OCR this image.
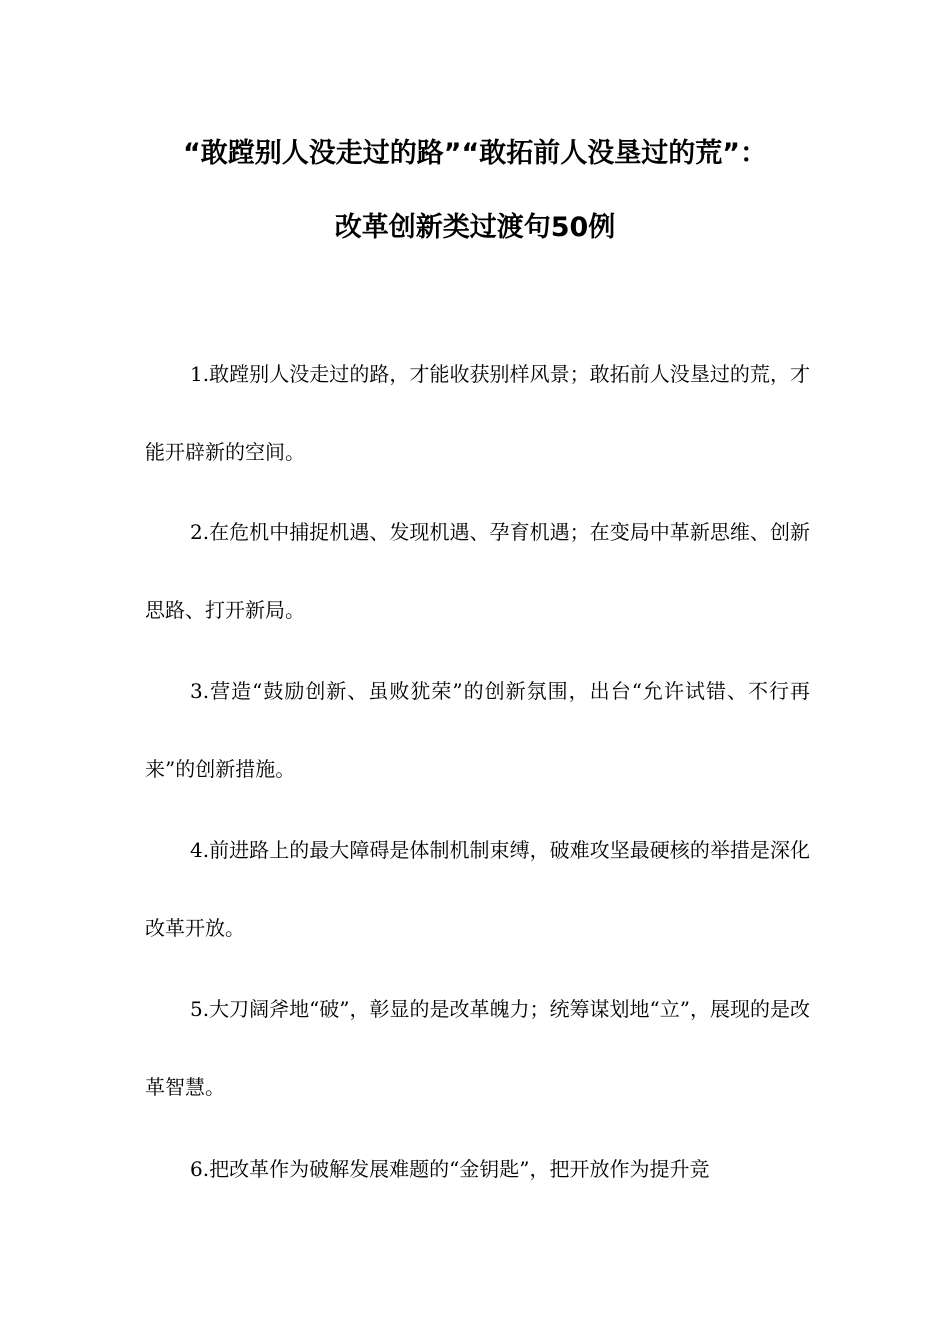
“敢蹚别人没走过的路”“敢拓前人没垦过的荒”：
改革创新类过渡句50例

1.敢蹚别人没走过的路，才能收获别样风景；敢拓前人没垦过的荒，才能开辟新的空间。

2.在危机中捕捉机遇、发现机遇、孕育机遇；在变局中革新思维、创新思路、打开新局。

3.营造“鼓励创新、虽败犹荣”的创新氛围，出台“允许试错、不行再来”的创新措施。

4.前进路上的最大障碍是体制机制束缚，破难攻坚最硬核的举措是深化改革开放。

5.大刀阔斧地“破”，彰显的是改革魄力；统筹谋划地“立”，展现的是改革智慧。

6.把改革作为破解发展难题的“金钥匙”，把开放作为提升竞
